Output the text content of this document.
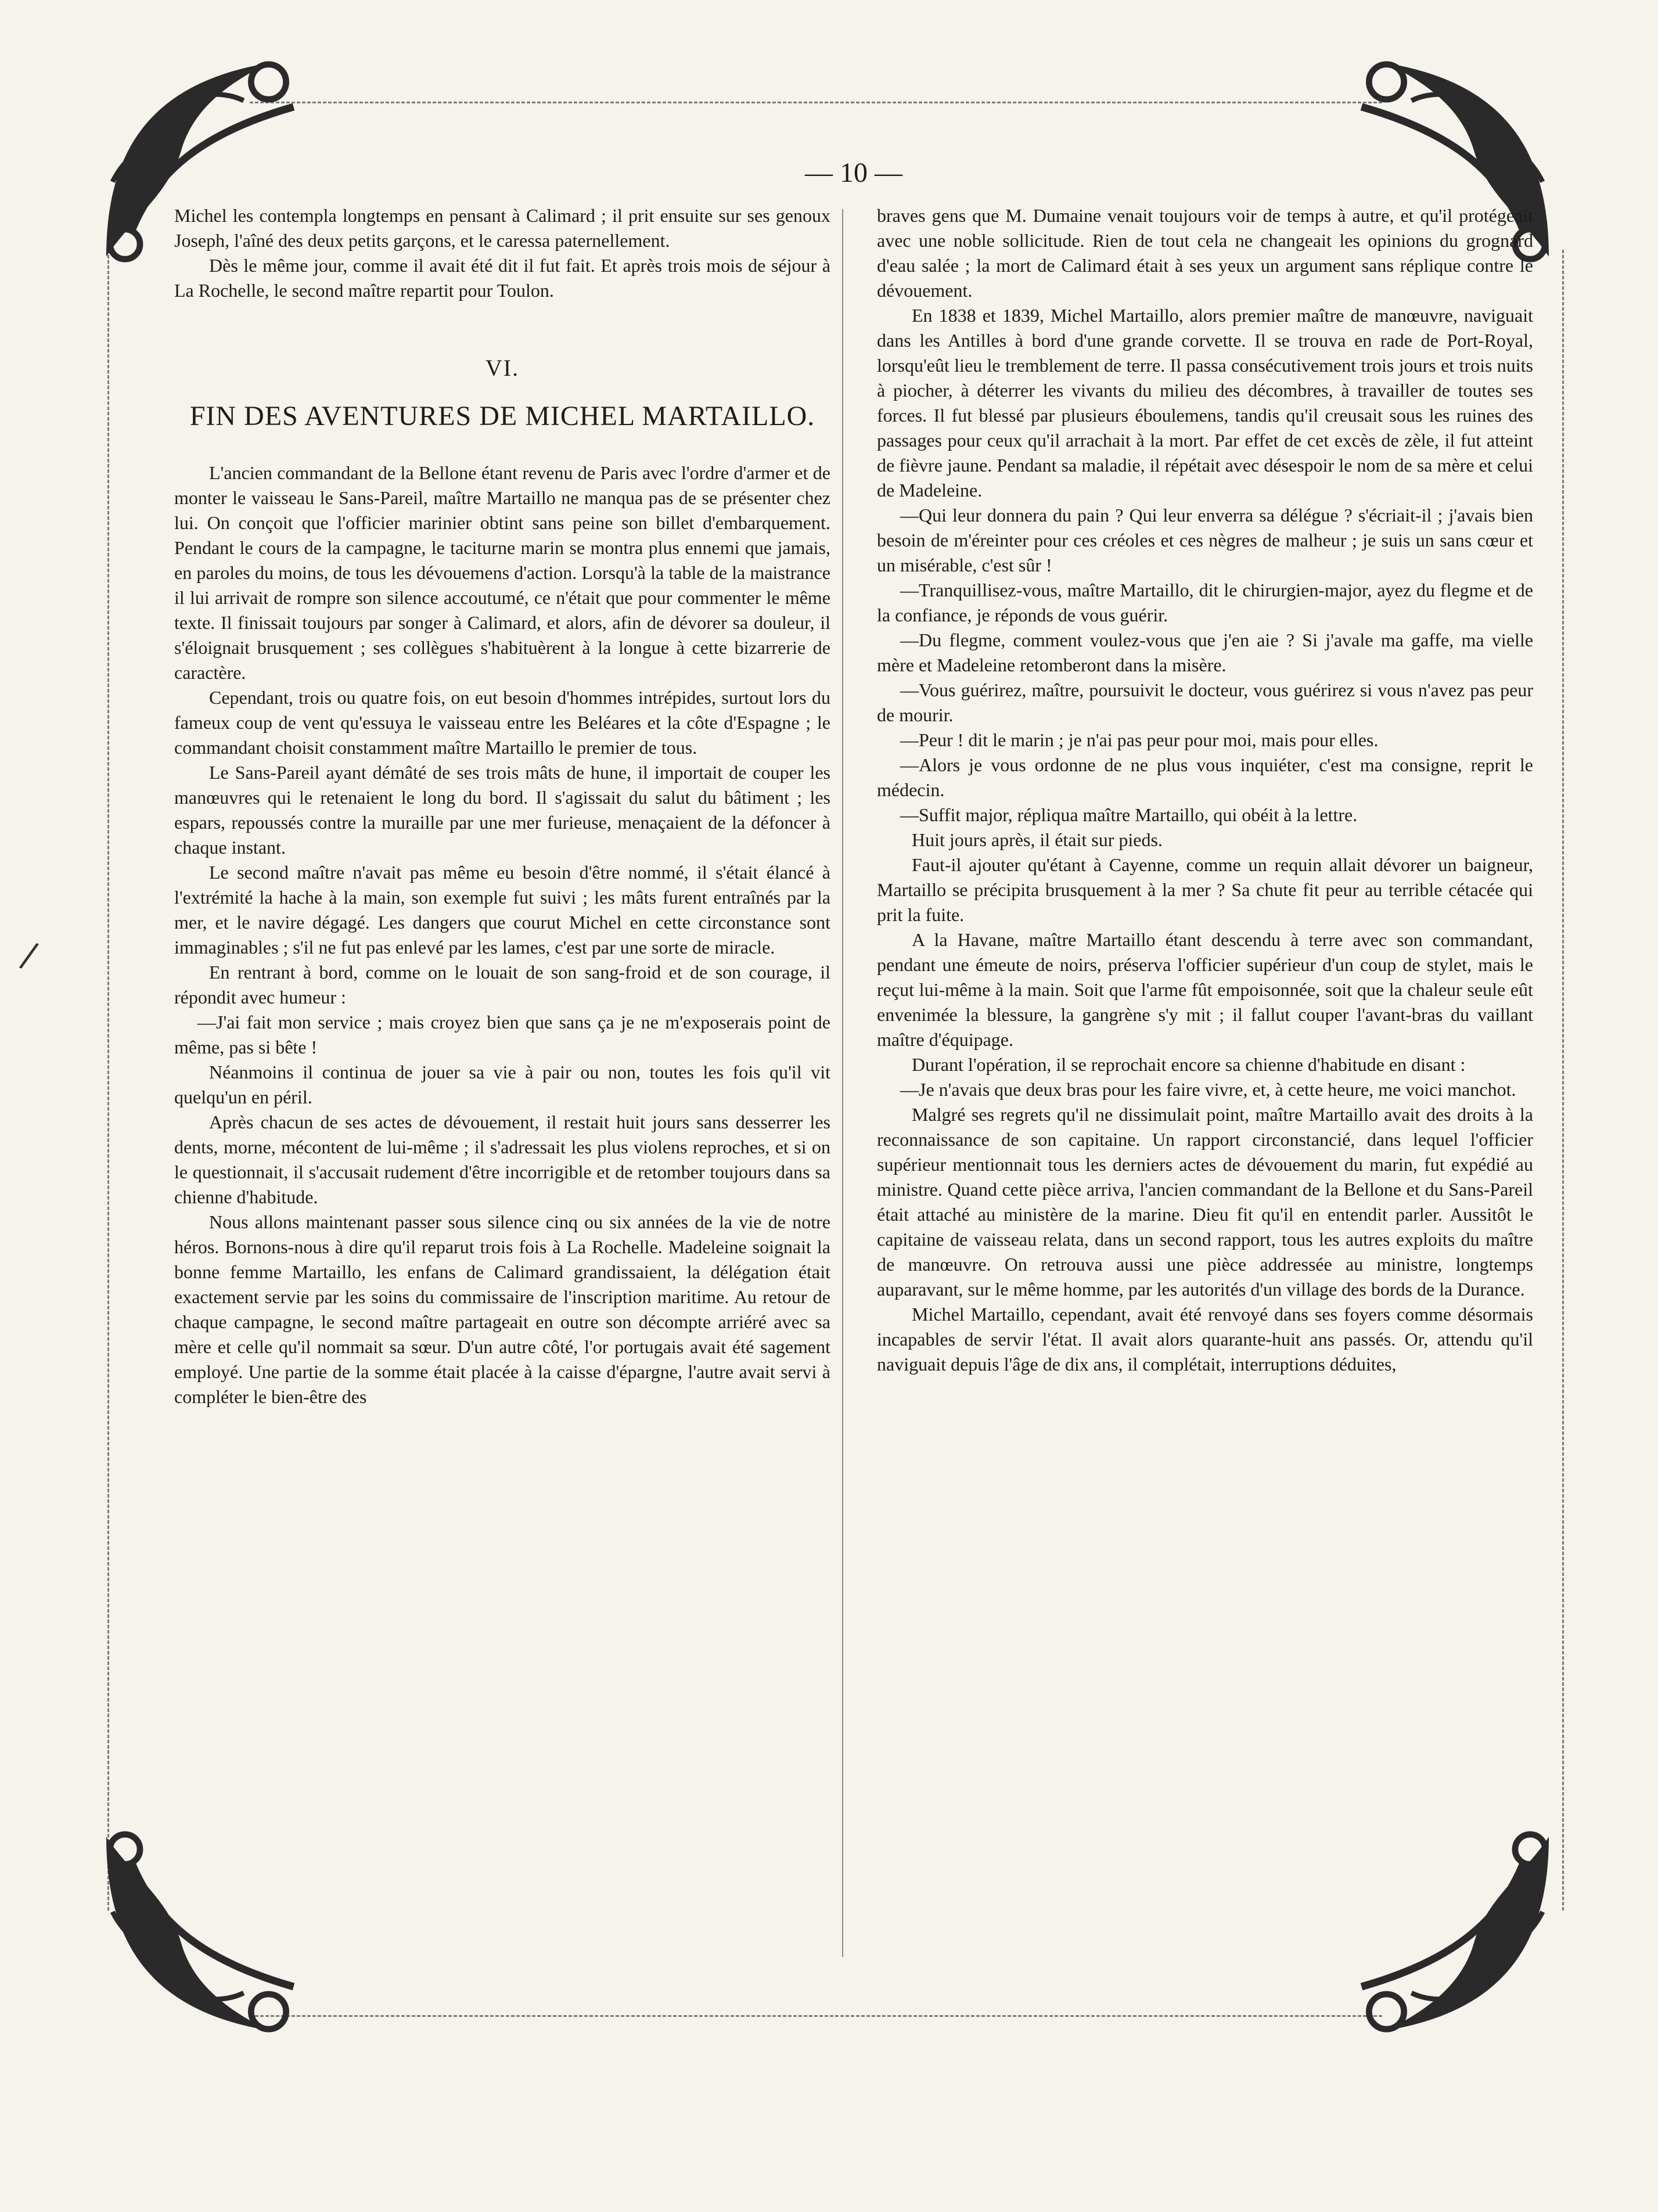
— 10 —
/

Michel les contempla longtemps en pensant à Calimard ; il prit ensuite sur ses genoux Joseph, l'aîné des deux petits garçons, et le caressa paternellement.

Dès le même jour, comme il avait été dit il fut fait. Et après trois mois de séjour à La Rochelle, le second maître repartit pour Toulon.

VI.

FIN DES AVENTURES DE MICHEL MARTAILLO.

L'ancien commandant de la Bellone étant revenu de Paris avec l'ordre d'armer et de monter le vaisseau le Sans-Pareil, maître Martaillo ne manqua pas de se présenter chez lui. On conçoit que l'officier marinier obtint sans peine son billet d'embarquement. Pendant le cours de la campagne, le taciturne marin se montra plus ennemi que jamais, en paroles du moins, de tous les dévouemens d'action. Lorsqu'à la table de la maistrance il lui arrivait de rompre son silence accoutumé, ce n'était que pour commenter le même texte. Il finissait toujours par songer à Calimard, et alors, afin de dévorer sa douleur, il s'éloignait brusquement ; ses collègues s'habituèrent à la longue à cette bizarrerie de caractère.

Cependant, trois ou quatre fois, on eut besoin d'hommes intrépides, surtout lors du fameux coup de vent qu'essuya le vaisseau entre les Beléares et la côte d'Espagne ; le commandant choisit constamment maître Martaillo le premier de tous.

Le Sans-Pareil ayant démâté de ses trois mâts de hune, il importait de couper les manœuvres qui le retenaient le long du bord. Il s'agissait du salut du bâtiment ; les espars, repoussés contre la muraille par une mer furieuse, menaçaient de la défoncer à chaque instant.

Le second maître n'avait pas même eu besoin d'être nommé, il s'était élancé à l'extrémité la hache à la main, son exemple fut suivi ; les mâts furent entraînés par la mer, et le navire dégagé. Les dangers que courut Michel en cette circonstance sont immaginables ; s'il ne fut pas enlevé par les lames, c'est par une sorte de miracle.

En rentrant à bord, comme on le louait de son sang-froid et de son courage, il répondit avec humeur :

—J'ai fait mon service ; mais croyez bien que sans ça je ne m'exposerais point de même, pas si bête !

Néanmoins il continua de jouer sa vie à pair ou non, toutes les fois qu'il vit quelqu'un en péril.

Après chacun de ses actes de dévouement, il restait huit jours sans desserrer les dents, morne, mécontent de lui-même ; il s'adressait les plus violens reproches, et si on le questionnait, il s'accusait rudement d'être incorrigible et de retomber toujours dans sa chienne d'habitude.

Nous allons maintenant passer sous silence cinq ou six années de la vie de notre héros. Bornons-nous à dire qu'il reparut trois fois à La Rochelle. Madeleine soignait la bonne femme Martaillo, les enfans de Calimard grandissaient, la délégation était exactement servie par les soins du commissaire de l'inscription maritime. Au retour de chaque campagne, le second maître partageait en outre son décompte arriéré avec sa mère et celle qu'il nommait sa sœur. D'un autre côté, l'or portugais avait été sagement employé. Une partie de la somme était placée à la caisse d'épargne, l'autre avait servi à compléter le bien-être des

braves gens que M. Dumaine venait toujours voir de temps à autre, et qu'il protégeait avec une noble sollicitude. Rien de tout cela ne changeait les opinions du grognard d'eau salée ; la mort de Calimard était à ses yeux un argument sans réplique contre le dévouement.

En 1838 et 1839, Michel Martaillo, alors premier maître de manœuvre, naviguait dans les Antilles à bord d'une grande corvette. Il se trouva en rade de Port-Royal, lorsqu'eût lieu le tremblement de terre. Il passa consécutivement trois jours et trois nuits à piocher, à déterrer les vivants du milieu des décombres, à travailler de toutes ses forces. Il fut blessé par plusieurs éboulemens, tandis qu'il creusait sous les ruines des passages pour ceux qu'il arrachait à la mort. Par effet de cet excès de zèle, il fut atteint de fièvre jaune. Pendant sa maladie, il répétait avec désespoir le nom de sa mère et celui de Madeleine.

—Qui leur donnera du pain ? Qui leur enverra sa délégue ? s'écriait-il ; j'avais bien besoin de m'éreinter pour ces créoles et ces nègres de malheur ; je suis un sans cœur et un misérable, c'est sûr !

—Tranquillisez-vous, maître Martaillo, dit le chirurgien-major, ayez du flegme et de la confiance, je réponds de vous guérir.

—Du flegme, comment voulez-vous que j'en aie ? Si j'avale ma gaffe, ma vielle mère et Madeleine retomberont dans la misère.

—Vous guérirez, maître, poursuivit le docteur, vous guérirez si vous n'avez pas peur de mourir.

—Peur ! dit le marin ; je n'ai pas peur pour moi, mais pour elles.

—Alors je vous ordonne de ne plus vous inquiéter, c'est ma consigne, reprit le médecin.

—Suffit major, répliqua maître Martaillo, qui obéit à la lettre.

Huit jours après, il était sur pieds.

Faut-il ajouter qu'étant à Cayenne, comme un requin allait dévorer un baigneur, Martaillo se précipita brusquement à la mer ? Sa chute fit peur au terrible cétacée qui prit la fuite.

A la Havane, maître Martaillo étant descendu à terre avec son commandant, pendant une émeute de noirs, préserva l'officier supérieur d'un coup de stylet, mais le reçut lui-même à la main. Soit que l'arme fût empoisonnée, soit que la chaleur seule eût envenimée la blessure, la gangrène s'y mit ; il fallut couper l'avant-bras du vaillant maître d'équipage.

Durant l'opération, il se reprochait encore sa chienne d'habitude en disant :

—Je n'avais que deux bras pour les faire vivre, et, à cette heure, me voici manchot.

Malgré ses regrets qu'il ne dissimulait point, maître Martaillo avait des droits à la reconnaissance de son capitaine. Un rapport circonstancié, dans lequel l'officier supérieur mentionnait tous les derniers actes de dévouement du marin, fut expédié au ministre. Quand cette pièce arriva, l'ancien commandant de la Bellone et du Sans-Pareil était attaché au ministère de la marine. Dieu fit qu'il en entendit parler. Aussitôt le capitaine de vaisseau relata, dans un second rapport, tous les autres exploits du maître de manœuvre. On retrouva aussi une pièce addressée au ministre, longtemps auparavant, sur le même homme, par les autorités d'un village des bords de la Durance.

Michel Martaillo, cependant, avait été renvoyé dans ses foyers comme désormais incapables de servir l'état. Il avait alors quarante-huit ans passés. Or, attendu qu'il naviguait depuis l'âge de dix ans, il complétait, interruptions déduites,
